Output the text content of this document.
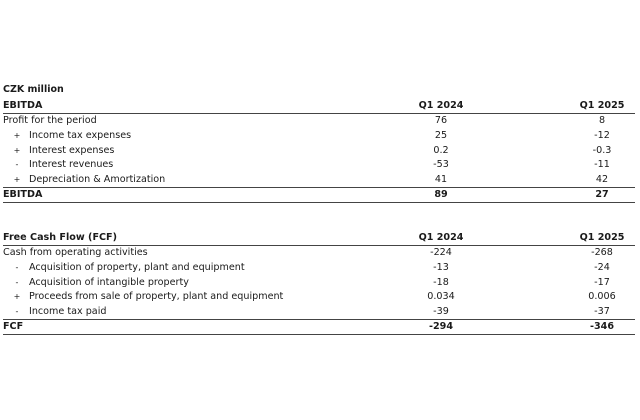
CZK million
EBITDA	Q1 2024		Q1 2025
Profit for the period	76		8
+ Income tax expenses	25		-12
+ Interest expenses	0.2		-0.3
- Interest revenues	-53		-11
+ Depreciation & Amortization	41		42
EBITDA	89		27
Free Cash Flow (FCF)	Q1 2024		Q1 2025
Cash from operating activities	-224		-268
- Acquisition of property, plant and equipment	-13		-24
- Acquisition of intangible property	-18		-17
+ Proceeds from sale of property, plant and equipment	0.034		0.006
- Income tax paid	-39		-37
FCF	-294		-346
